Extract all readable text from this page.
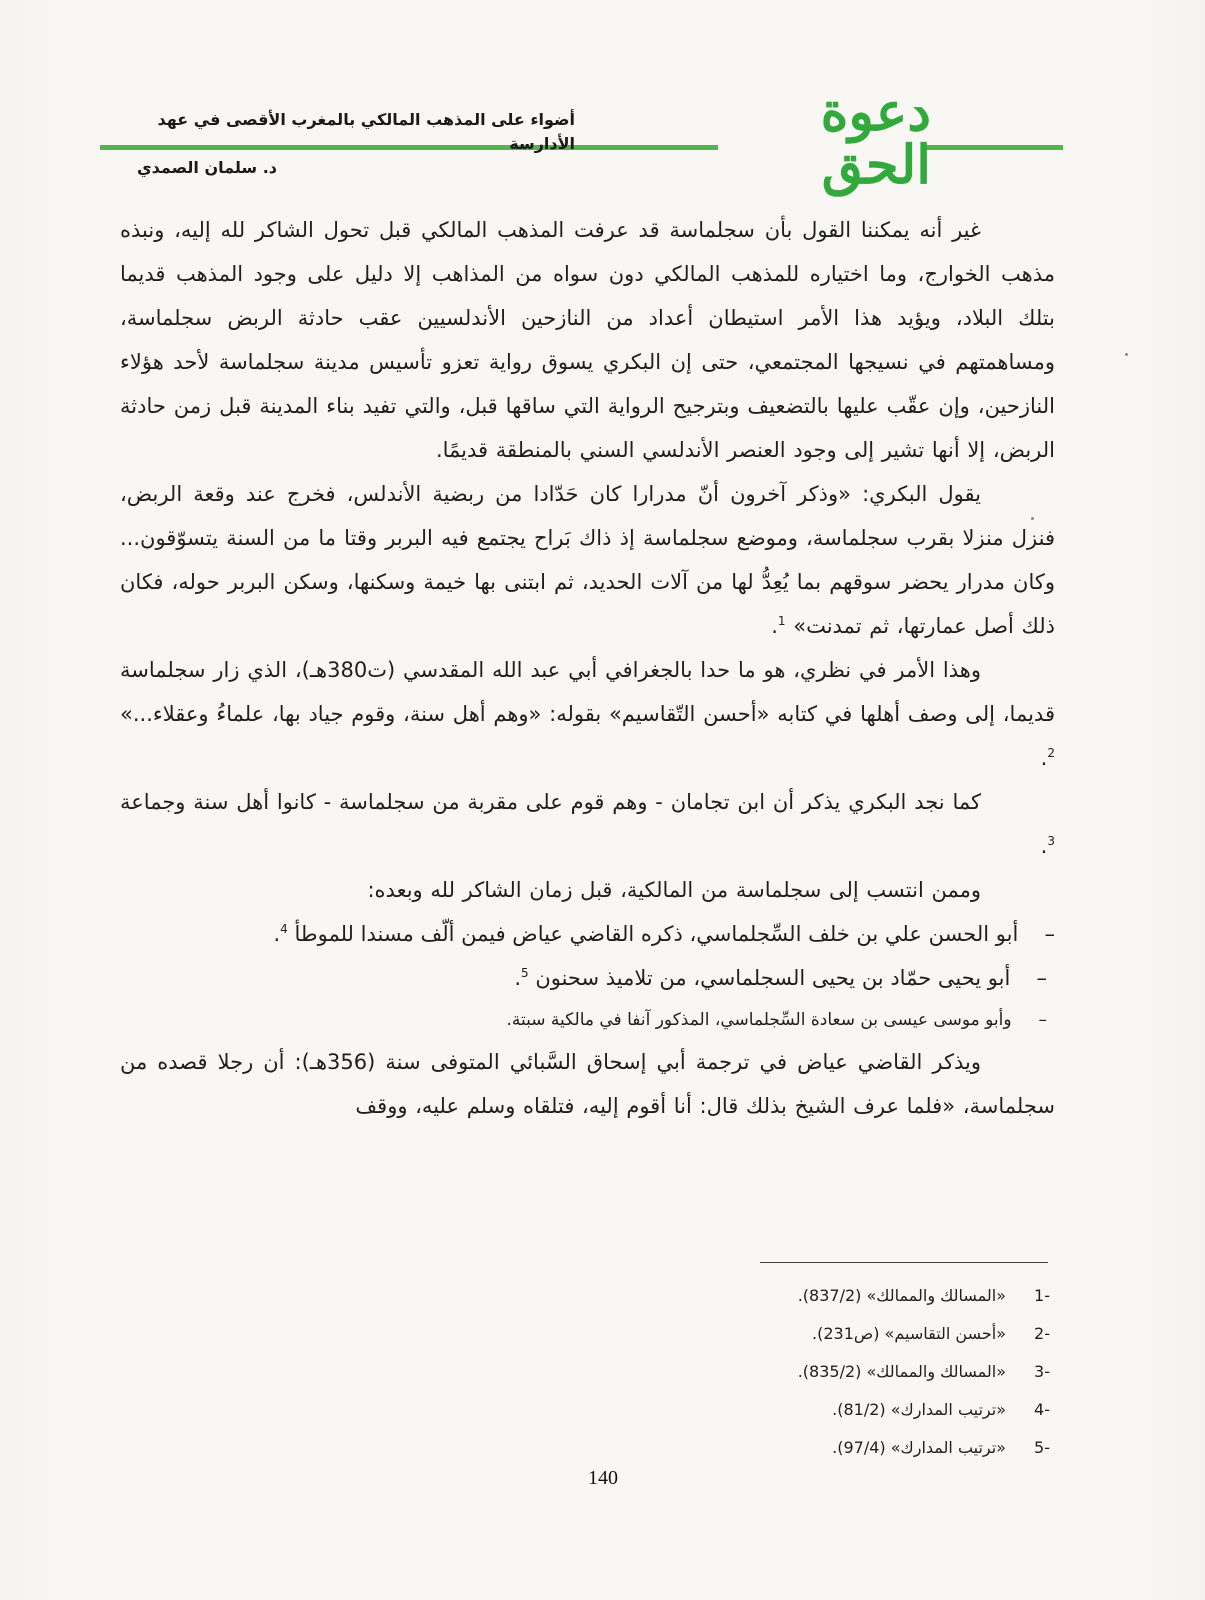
دعوة الحق
أضواء على المذهب المالكي بالمغرب الأقصى في عهد الأدارسة
د. سلمان الصمدي

غير أنه يمكننا القول بأن سجلماسة قد عرفت المذهب المالكي قبل تحول الشاكر لله إليه، ونبذه مذهب الخوارج، وما اختياره للمذهب المالكي دون سواه من المذاهب إلا دليل على وجود المذهب قديما بتلك البلاد، ويؤيد هذا الأمر استيطان أعداد من النازحين الأندلسيين عقب حادثة الربض سجلماسة، ومساهمتهم في نسيجها المجتمعي، حتى إن البكري يسوق رواية تعزو تأسيس مدينة سجلماسة لأحد هؤلاء النازحين، وإن عقّب عليها بالتضعيف وبترجيح الرواية التي ساقها قبل، والتي تفيد بناء المدينة قبل زمن حادثة الربض، إلا أنها تشير إلى وجود العنصر الأندلسي السني بالمنطقة قديمًا.

يقول البكري: «وذكر آخرون أنّ مدرارا كان حَدّادا من ربضية الأندلس، فخرج عند وقعة الربض، فنزل منزلا بقرب سجلماسة، وموضع سجلماسة إذ ذاك بَراح يجتمع فيه البربر وقتا ما من السنة يتسوّقون... وكان مدرار يحضر سوقهم بما يُعِدُّ لها من آلات الحديد، ثم ابتنى بها خيمة وسكنها، وسكن البربر حوله، فكان ذلك أصل عمارتها، ثم تمدنت» $^1$.

وهذا الأمر في نظري، هو ما حدا بالجغرافي أبي عبد الله المقدسي (ت380هـ)، الذي زار سجلماسة قديما، إلى وصف أهلها في كتابه «أحسن التّقاسيم» بقوله: «وهم أهل سنة، وقوم جياد بها، علماءُ وعقلاء...» $^2$.

كما نجد البكري يذكر أن ابن تجامان - وهم قوم على مقربة من سجلماسة - كانوا أهل سنة وجماعة $^3$.

وممن انتسب إلى سجلماسة من المالكية، قبل زمان الشاكر لله وبعده:

– أبو الحسن علي بن خلف السِّجلماسي، ذكره القاضي عياض فيمن ألّف مسندا للموطأ $^4$.

– أبو يحيى حمّاد بن يحيى السجلماسي، من تلاميذ سحنون $^5$.

– وأبو موسى عيسى بن سعادة السِّجلماسي، المذكور آنفا في مالكية سبتة.

ويذكر القاضي عياض في ترجمة أبي إسحاق السَّبائي المتوفى سنة (356هـ): أن رجلا قصده من سجلماسة، «فلما عرف الشيخ بذلك قال: أنا أقوم إليه، فتلقاه وسلم عليه، ووقف

1-
«المسالك والممالك» (837/2).
2-
«أحسن التقاسيم» (ص231).
3-
«المسالك والممالك» (835/2).
4-
«ترتيب المدارك» (81/2).
5-
«ترتيب المدارك» (97/4).
140
